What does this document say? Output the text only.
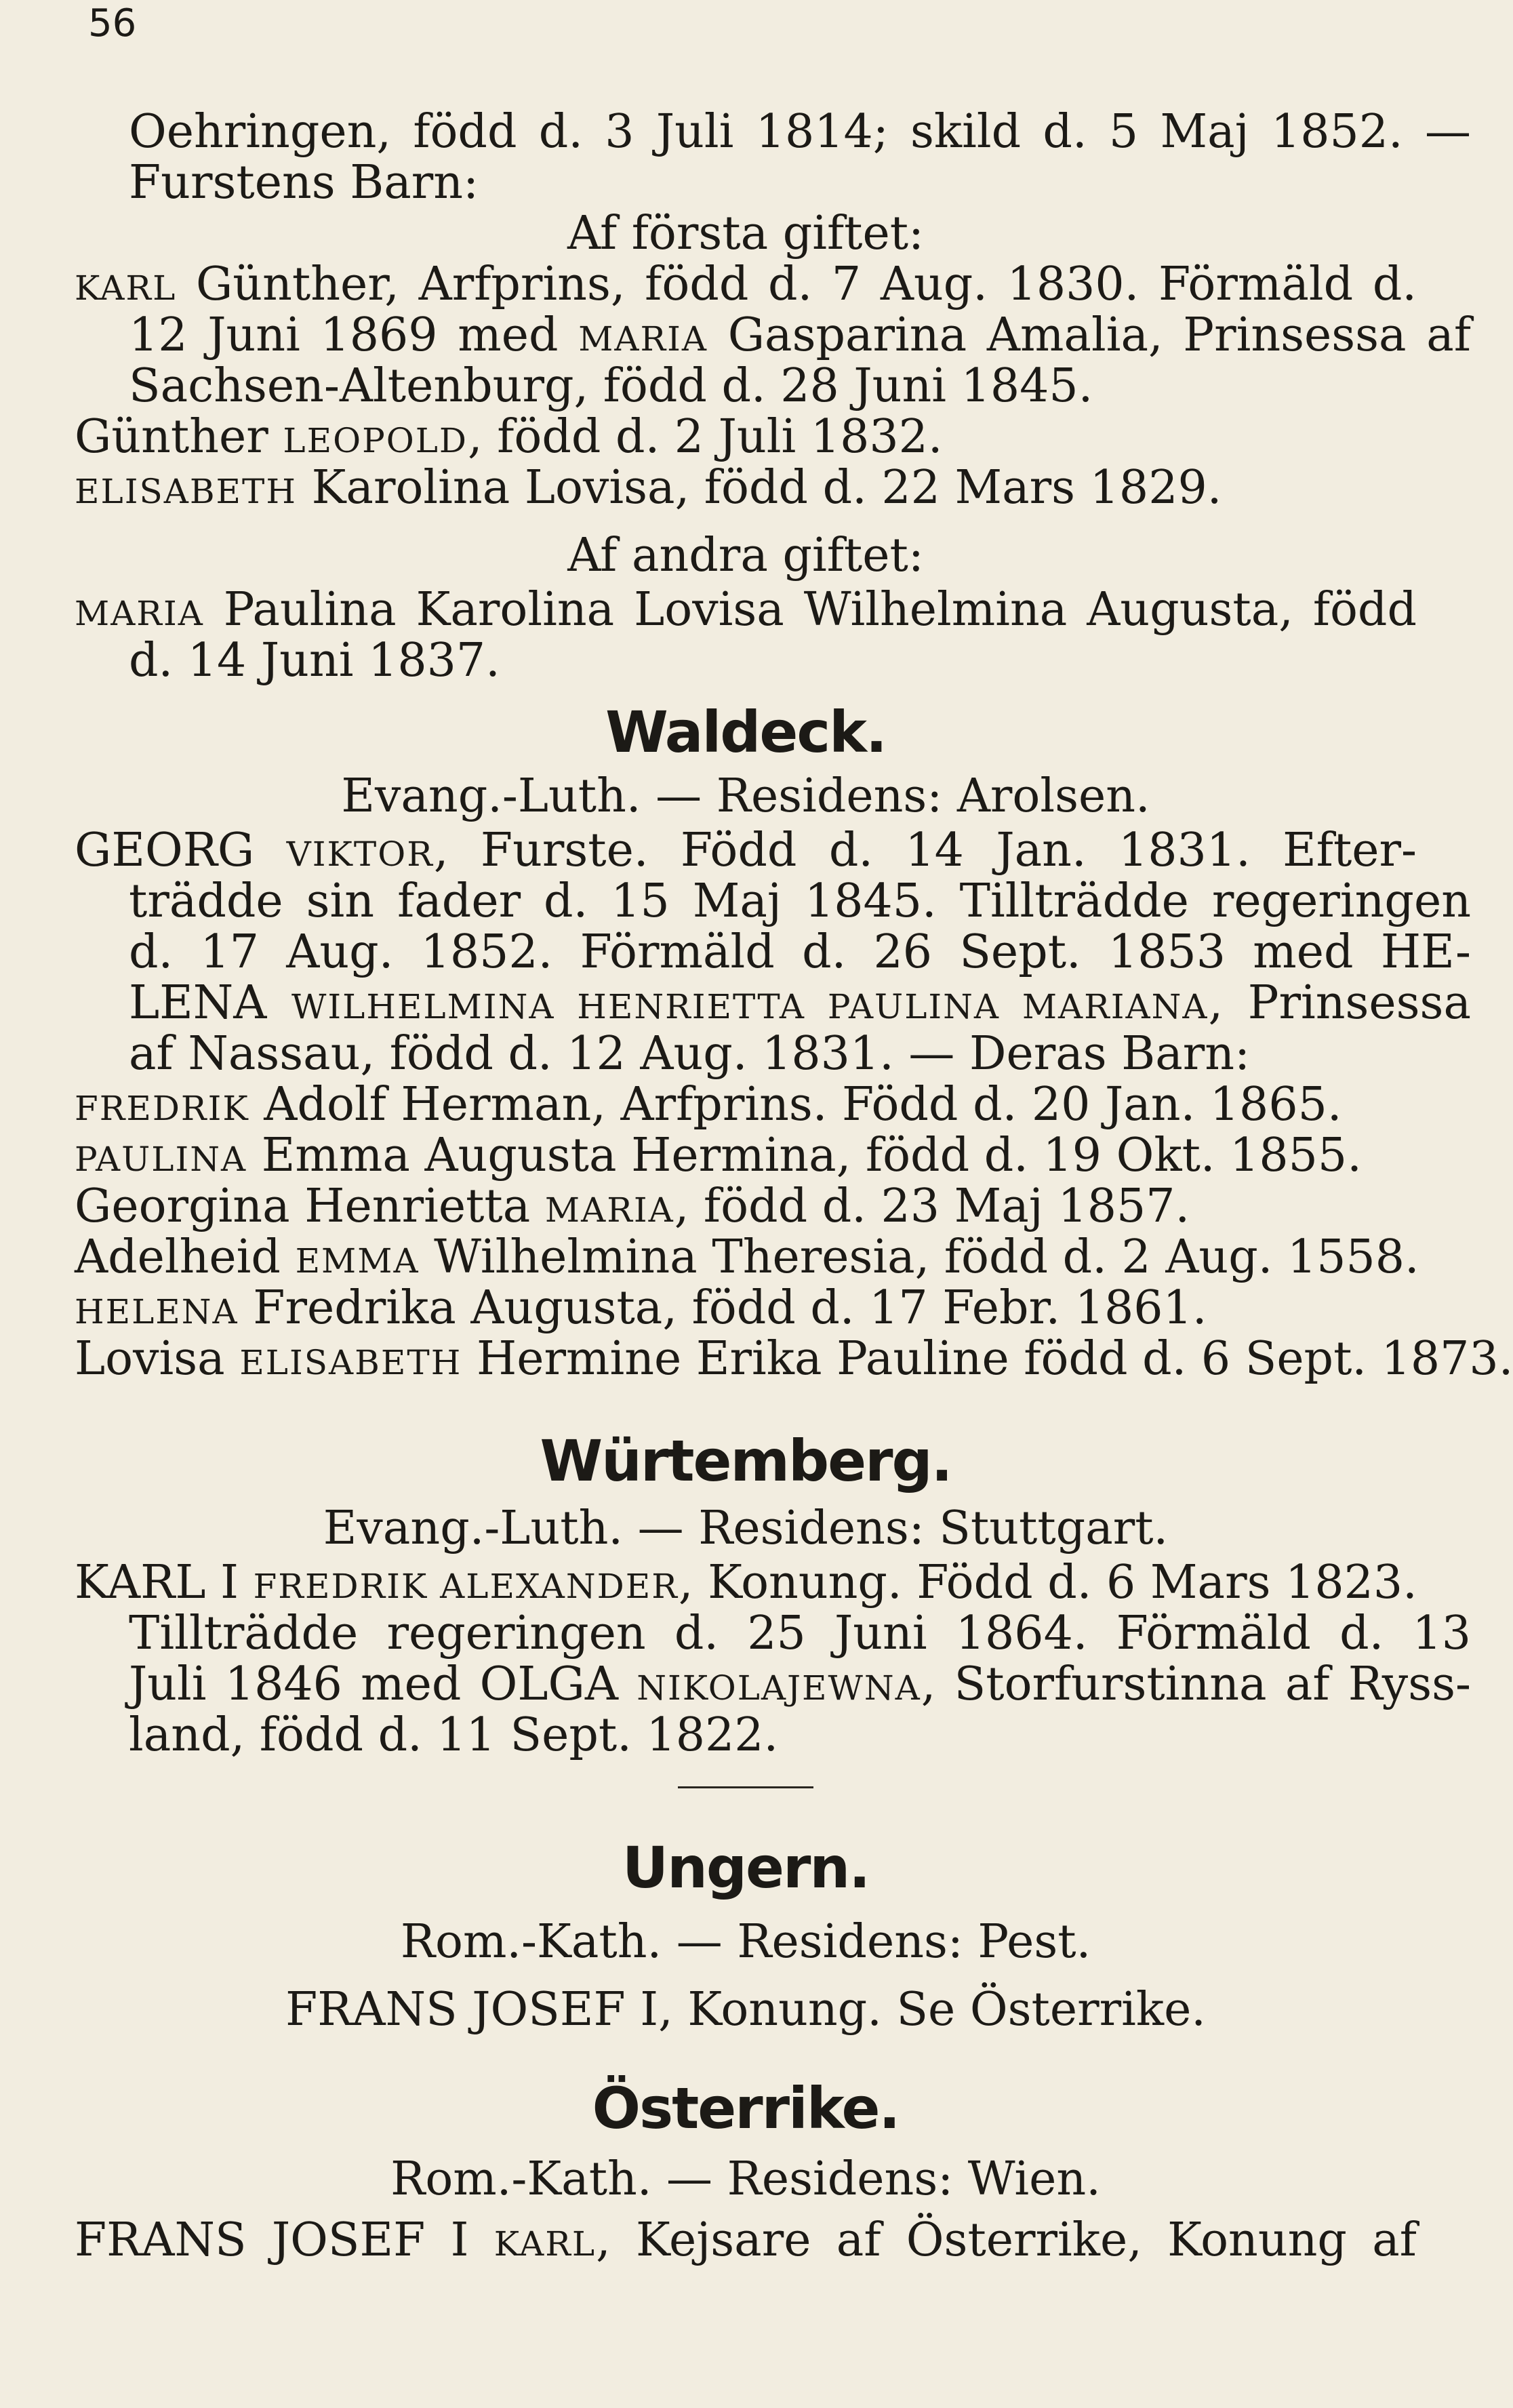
56
Oehringen, född d. 3 Juli 1814; skild d. 5 Maj 1852. —
Furstens Barn:
Af första giftet:
KARL Günther, Arfprins, född d. 7 Aug. 1830. Förmäld d.
12 Juni 1869 med MARIA Gasparina Amalia, Prinsessa af
Sachsen-Altenburg, född d. 28 Juni 1845.
Günther LEOPOLD, född d. 2 Juli 1832.
ELISABETH Karolina Lovisa, född d. 22 Mars 1829.
Af andra giftet:
MARIA Paulina Karolina Lovisa Wilhelmina Augusta, född
d. 14 Juni 1837.
Waldeck.
Evang.-Luth. — Residens: Arolsen.
GEORG VIKTOR, Furste. Född d. 14 Jan. 1831. Efter-
trädde sin fader d. 15 Maj 1845. Tillträdde regeringen
d. 17 Aug. 1852. Förmäld d. 26 Sept. 1853 med HE-
LENA WILHELMINA HENRIETTA PAULINA MARIANA, Prinsessa
af Nassau, född d. 12 Aug. 1831. — Deras Barn:
FREDRIK Adolf Herman, Arfprins. Född d. 20 Jan. 1865.
PAULINA Emma Augusta Hermina, född d. 19 Okt. 1855.
Georgina Henrietta MARIA, född d. 23 Maj 1857.
Adelheid EMMA Wilhelmina Theresia, född d. 2 Aug. 1558.
HELENA Fredrika Augusta, född d. 17 Febr. 1861.
Lovisa ELISABETH Hermine Erika Pauline född d. 6 Sept. 1873.
Würtemberg.
Evang.-Luth. — Residens: Stuttgart.
KARL I FREDRIK ALEXANDER, Konung. Född d. 6 Mars 1823.
Tillträdde regeringen d. 25 Juni 1864. Förmäld d. 13
Juli 1846 med OLGA NIKOLAJEWNA, Storfurstinna af Ryss-
land, född d. 11 Sept. 1822.
Ungern.
Rom.-Kath. — Residens: Pest.
FRANS JOSEF I, Konung. Se Österrike.
Österrike.
Rom.-Kath. — Residens: Wien.
FRANS JOSEF I KARL, Kejsare af Österrike, Konung af
